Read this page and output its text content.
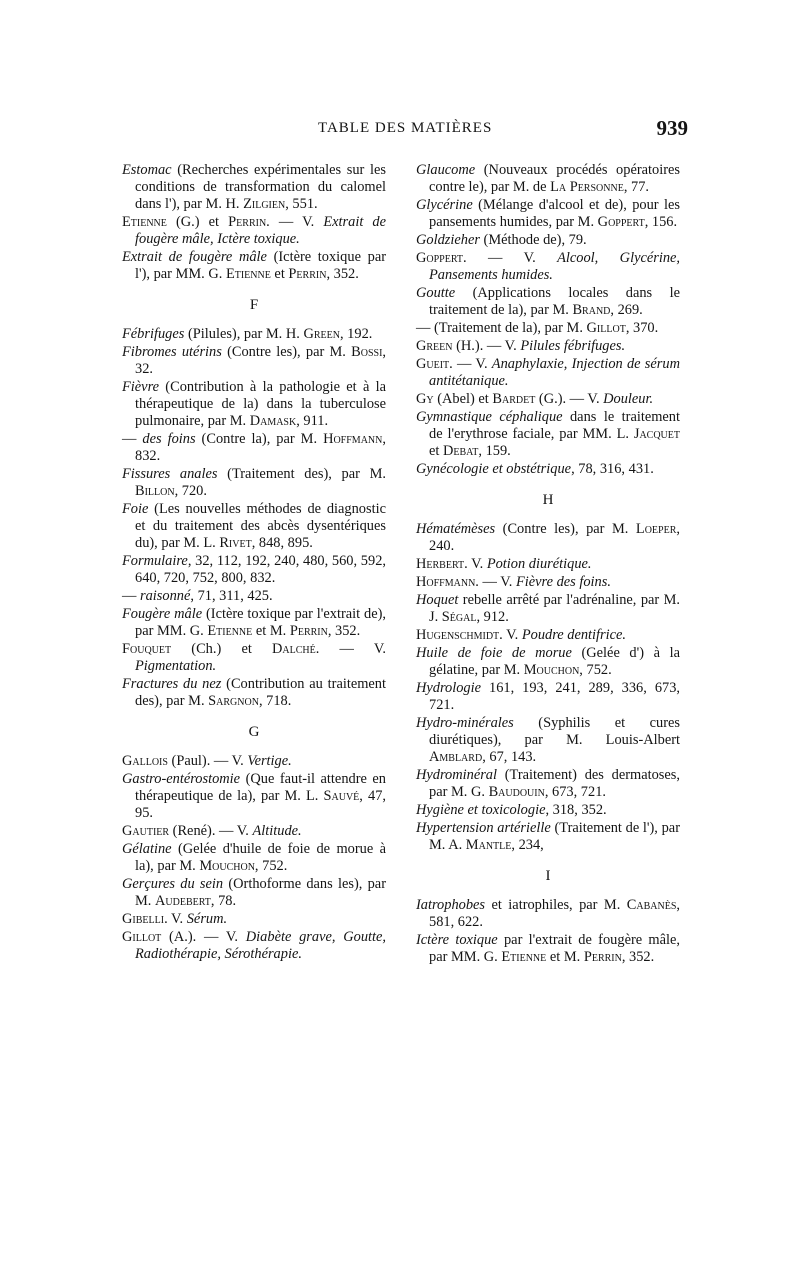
TABLE DES MATIÈRES	939
Estomac (Recherches expérimentales sur les conditions de transformation du calomel dans l'), par M. H. Zilgien, 551.
Etienne (G.) et Perrin. — V. Extrait de fougère mâle, Ictère toxique.
Extrait de fougère mâle (Ictère toxique par l'), par MM. G. Etienne et Perrin, 352.
F
Fébrifuges (Pilules), par M. H. Green, 192.
Fibromes utérins (Contre les), par M. Bossi, 32.
Fièvre (Contribution à la pathologie et à la thérapeutique de la) dans la tuberculose pulmonaire, par M. Damask, 911.
— des foins (Contre la), par M. Hoffmann, 832.
Fissures anales (Traitement des), par M. Billon, 720.
Foie (Les nouvelles méthodes de diagnostic et du traitement des abcès dysentériques du), par M. L. Rivet, 848, 895.
Formulaire, 32, 112, 192, 240, 480, 560, 592, 640, 720, 752, 800, 832.
— raisonné, 71, 311, 425.
Fougère mâle (Ictère toxique par l'extrait de), par MM. G. Etienne et M. Perrin, 352.
Fouquet (Ch.) et Dalché. — V. Pigmentation.
Fractures du nez (Contribution au traitement des), par M. Sargnon, 718.
G
Gallois (Paul). — V. Vertige.
Gastro-entérostomie (Que faut-il attendre en thérapeutique de la), par M. L. Sauvé, 47, 95.
Gautier (René). — V. Altitude.
Gélatine (Gelée d'huile de foie de morue à la), par M. Mouchon, 752.
Gerçures du sein (Orthoforme dans les), par M. Audebert, 78.
Gibelli. V. Sérum.
Gillot (A.). — V. Diabète grave, Goutte, Radiothérapie, Sérothérapie.
Glaucome (Nouveaux procédés opératoires contre le), par M. de La Personne, 77.
Glycérine (Mélange d'alcool et de), pour les pansements humides, par M. Goppert, 156.
Goldzieher (Méthode de), 79.
Goppert. — V. Alcool, Glycérine, Pansements humides.
Goutte (Applications locales dans le traitement de la), par M. Brand, 269.
— (Traitement de la), par M. Gillot, 370.
Green (H.). — V. Pilules fébrifuges.
Gueit. — V. Anaphylaxie, Injection de sérum antitétanique.
Gy (Abel) et Bardet (G.). — V. Douleur.
Gymnastique céphalique dans le traitement de l'erythrose faciale, par MM. L. Jacquet et Debat, 159.
Gynécologie et obstétrique, 78, 316, 431.
H
Hématémèses (Contre les), par M. Loeper, 240.
Herbert. V. Potion diurétique.
Hoffmann. — V. Fièvre des foins.
Hoquet rebelle arrêté par l'adrénaline, par M. J. Ségal, 912.
Hugenschmidt. V. Poudre dentifrice.
Huile de foie de morue (Gelée d') à la gélatine, par M. Mouchon, 752.
Hydrologie 161, 193, 241, 289, 336, 673, 721.
Hydro-minérales (Syphilis et cures diurétiques), par M. Louis-Albert Amblard, 67, 143.
Hydrominéral (Traitement) des dermatoses, par M. G. Baudouin, 673, 721.
Hygiène et toxicologie, 318, 352.
Hypertension artérielle (Traitement de l'), par M. A. Mantle, 234,
I
Iatrophobes et iatrophiles, par M. Cabanès, 581, 622.
Ictère toxique par l'extrait de fougère mâle, par MM. G. Etienne et M. Perrin, 352.
